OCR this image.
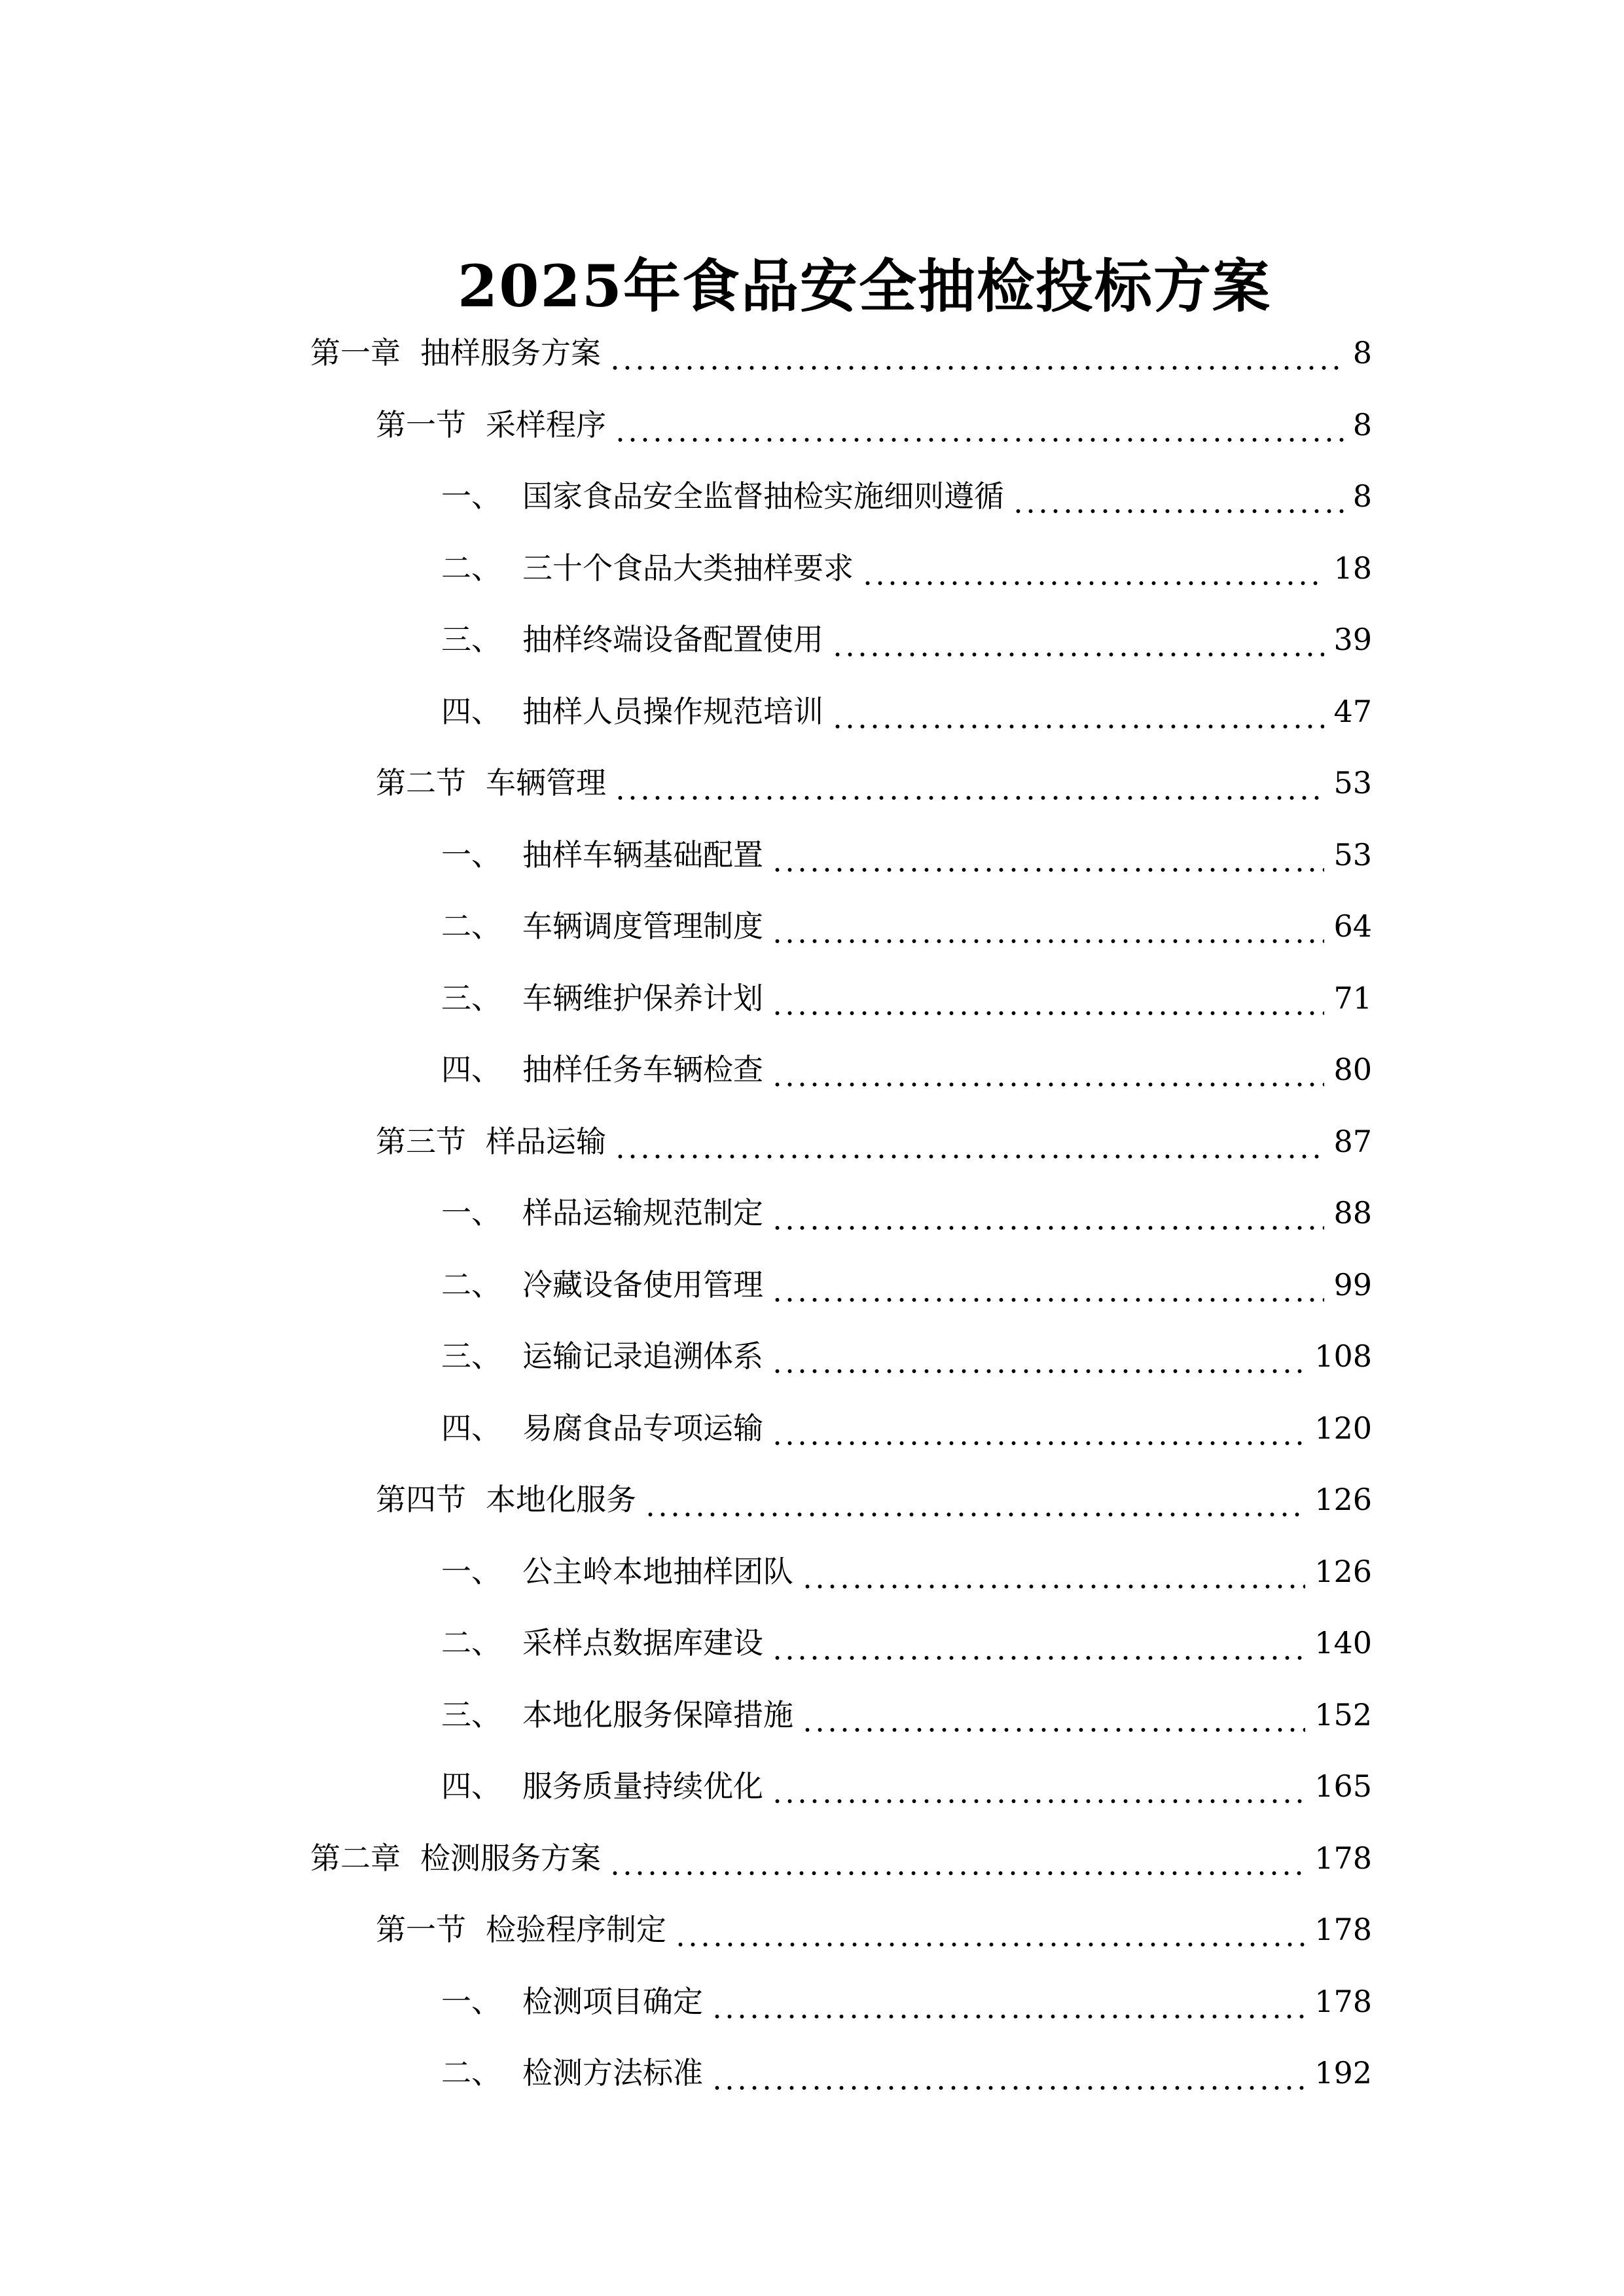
2025年食品安全抽检投标方案
第一章 抽样服务方案	8
第一节 采样程序	8
一、 国家食品安全监督抽检实施细则遵循	8
二、 三十个食品大类抽样要求	18
三、 抽样终端设备配置使用	39
四、 抽样人员操作规范培训	47
第二节 车辆管理	53
一、 抽样车辆基础配置	53
二、 车辆调度管理制度	64
三、 车辆维护保养计划	71
四、 抽样任务车辆检查	80
第三节 样品运输	87
一、 样品运输规范制定	88
二、 冷藏设备使用管理	99
三、 运输记录追溯体系	108
四、 易腐食品专项运输	120
第四节 本地化服务	126
一、 公主岭本地抽样团队	126
二、 采样点数据库建设	140
三、 本地化服务保障措施	152
四、 服务质量持续优化	165
第二章 检测服务方案	178
第一节 检验程序制定	178
一、 检测项目确定	178
二、 检测方法标准	192
